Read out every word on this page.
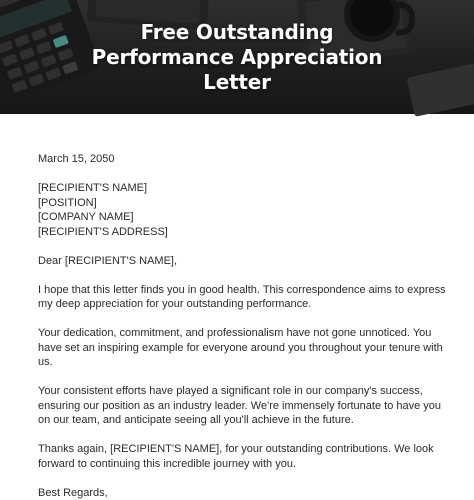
Free Outstanding
Performance Appreciation
Letter

March 15, 2050

[RECIPIENT'S NAME]
[POSITION]
[COMPANY NAME]
[RECIPIENT'S ADDRESS]

Dear [RECIPIENT'S NAME],

I hope that this letter finds you in good health. This correspondence aims to express my deep appreciation for your outstanding performance.

Your dedication, commitment, and professionalism have not gone unnoticed. You have set an inspiring example for everyone around you throughout your tenure with us.

Your consistent efforts have played a significant role in our company's success, ensuring our position as an industry leader. We're immensely fortunate to have you on our team, and anticipate seeing all you'll achieve in the future.

Thanks again, [RECIPIENT'S NAME], for your outstanding contributions. We look forward to continuing this incredible journey with you.

Best Regards,
